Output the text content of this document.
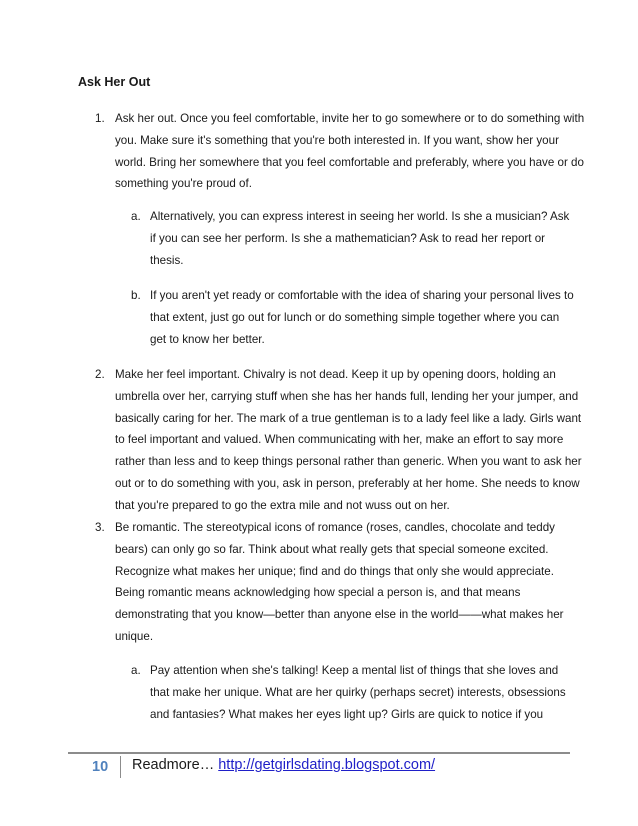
Ask Her Out
1. Ask her out. Once you feel comfortable, invite her to go somewhere or to do something with you. Make sure it's something that you're both interested in. If you want, show her your world. Bring her somewhere that you feel comfortable and preferably, where you have or do something you're proud of.

a. Alternatively, you can express interest in seeing her world. Is she a musician? Ask if you can see her perform. Is she a mathematician? Ask to read her report or thesis.

b. If you aren't yet ready or comfortable with the idea of sharing your personal lives to that extent, just go out for lunch or do something simple together where you can get to know her better.

2. Make her feel important. Chivalry is not dead. Keep it up by opening doors, holding an umbrella over her, carrying stuff when she has her hands full, lending her your jumper, and basically caring for her. The mark of a true gentleman is to a lady feel like a lady. Girls want to feel important and valued. When communicating with her, make an effort to say more rather than less and to keep things personal rather than generic. When you want to ask her out or to do something with you, ask in person, preferably at her home. She needs to know that you're prepared to go the extra mile and not wuss out on her.

3. Be romantic. The stereotypical icons of romance (roses, candles, chocolate and teddy bears) can only go so far. Think about what really gets that special someone excited. Recognize what makes her unique; find and do things that only she would appreciate. Being romantic means acknowledging how special a person is, and that means demonstrating that you know—better than anyone else in the world——what makes her unique.

a. Pay attention when she's talking! Keep a mental list of things that she loves and that make her unique. What are her quirky (perhaps secret) interests, obsessions and fantasies? What makes her eyes light up? Girls are quick to notice if you

10 Readmore… http://getgirlsdating.blogspot.com/
